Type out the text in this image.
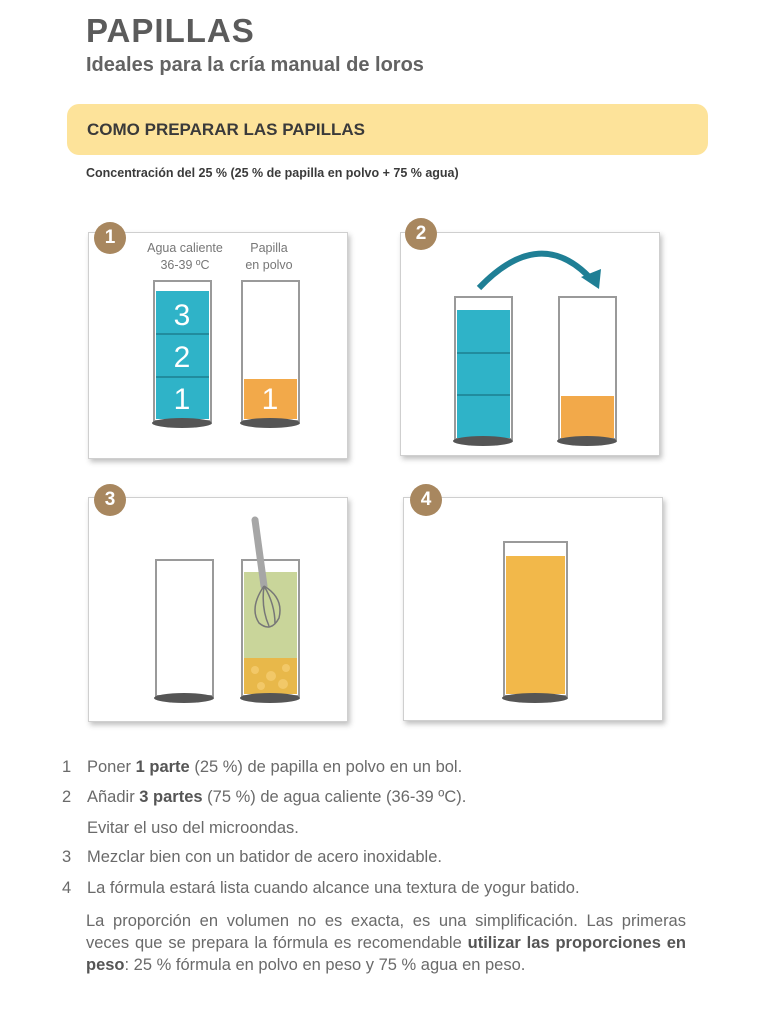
PAPILLAS
Ideales para la cría manual de loros
COMO PREPARAR LAS PAPILLAS
Concentración del 25 % (25 % de papilla en polvo + 75 % agua)
Agua caliente
36-39 ºC
Papilla
en polvo
3
2
1 1
1	2
3	4
1 Poner 1 parte (25 %) de papilla en polvo en un bol.
2 Añadir 3 partes (75 %) de agua caliente (36-39 ºC).
Evitar el uso del microondas.
3 Mezclar bien con un batidor de acero inoxidable.
4 La fórmula estará lista cuando alcance una textura de yogur batido.
La proporción en volumen no es exacta, es una simplificación. Las primeras veces que se prepara la fórmula es recomendable utilizar las proporciones en peso: 25 % fórmula en polvo en peso y 75 % agua en peso.
